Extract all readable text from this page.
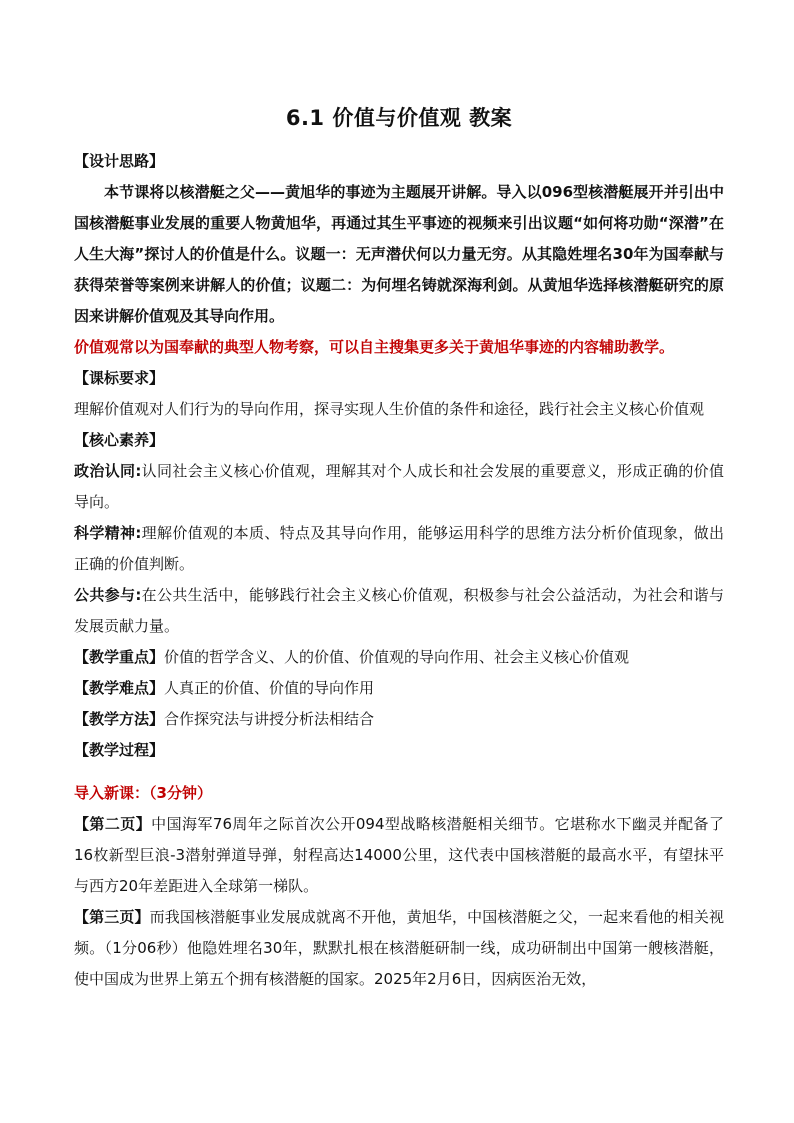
6.1 价值与价值观 教案

【设计思路】

本节课将以核潜艇之父——黄旭华的事迹为主题展开讲解。导入以096型核潜艇展开并引出中国核潜艇事业发展的重要人物黄旭华，再通过其生平事迹的视频来引出议题“如何将功勋“深潜”在人生大海”探讨人的价值是什么。议题一：无声潜伏何以力量无穷。从其隐姓埋名30年为国奉献与获得荣誉等案例来讲解人的价值；议题二：为何埋名铸就深海利剑。从黄旭华选择核潜艇研究的原因来讲解价值观及其导向作用。

价值观常以为国奉献的典型人物考察，可以自主搜集更多关于黄旭华事迹的内容辅助教学。

【课标要求】

理解价值观对人们行为的导向作用，探寻实现人生价值的条件和途径，践行社会主义核心价值观

【核心素养】

政治认同:认同社会主义核心价值观，理解其对个人成长和社会发展的重要意义，形成正确的价值导向。

科学精神:理解价值观的本质、特点及其导向作用，能够运用科学的思维方法分析价值现象，做出正确的价值判断。

公共参与:在公共生活中，能够践行社会主义核心价值观，积极参与社会公益活动，为社会和谐与发展贡献力量。

【教学重点】价值的哲学含义、人的价值、价值观的导向作用、社会主义核心价值观

【教学难点】人真正的价值、价值的导向作用

【教学方法】合作探究法与讲授分析法相结合

【教学过程】

导入新课：（3分钟）

【第二页】中国海军76周年之际首次公开094型战略核潜艇相关细节。它堪称水下幽灵并配备了16枚新型巨浪-3潜射弹道导弹，射程高达14000公里，这代表中国核潜艇的最高水平，有望抹平与西方20年差距进入全球第一梯队。

【第三页】而我国核潜艇事业发展成就离不开他，黄旭华，中国核潜艇之父，一起来看他的相关视频。（1分06秒）他隐姓埋名30年，默默扎根在核潜艇研制一线，成功研制出中国第一艘核潜艇，使中国成为世界上第五个拥有核潜艇的国家。2025年2月6日，因病医治无效，
